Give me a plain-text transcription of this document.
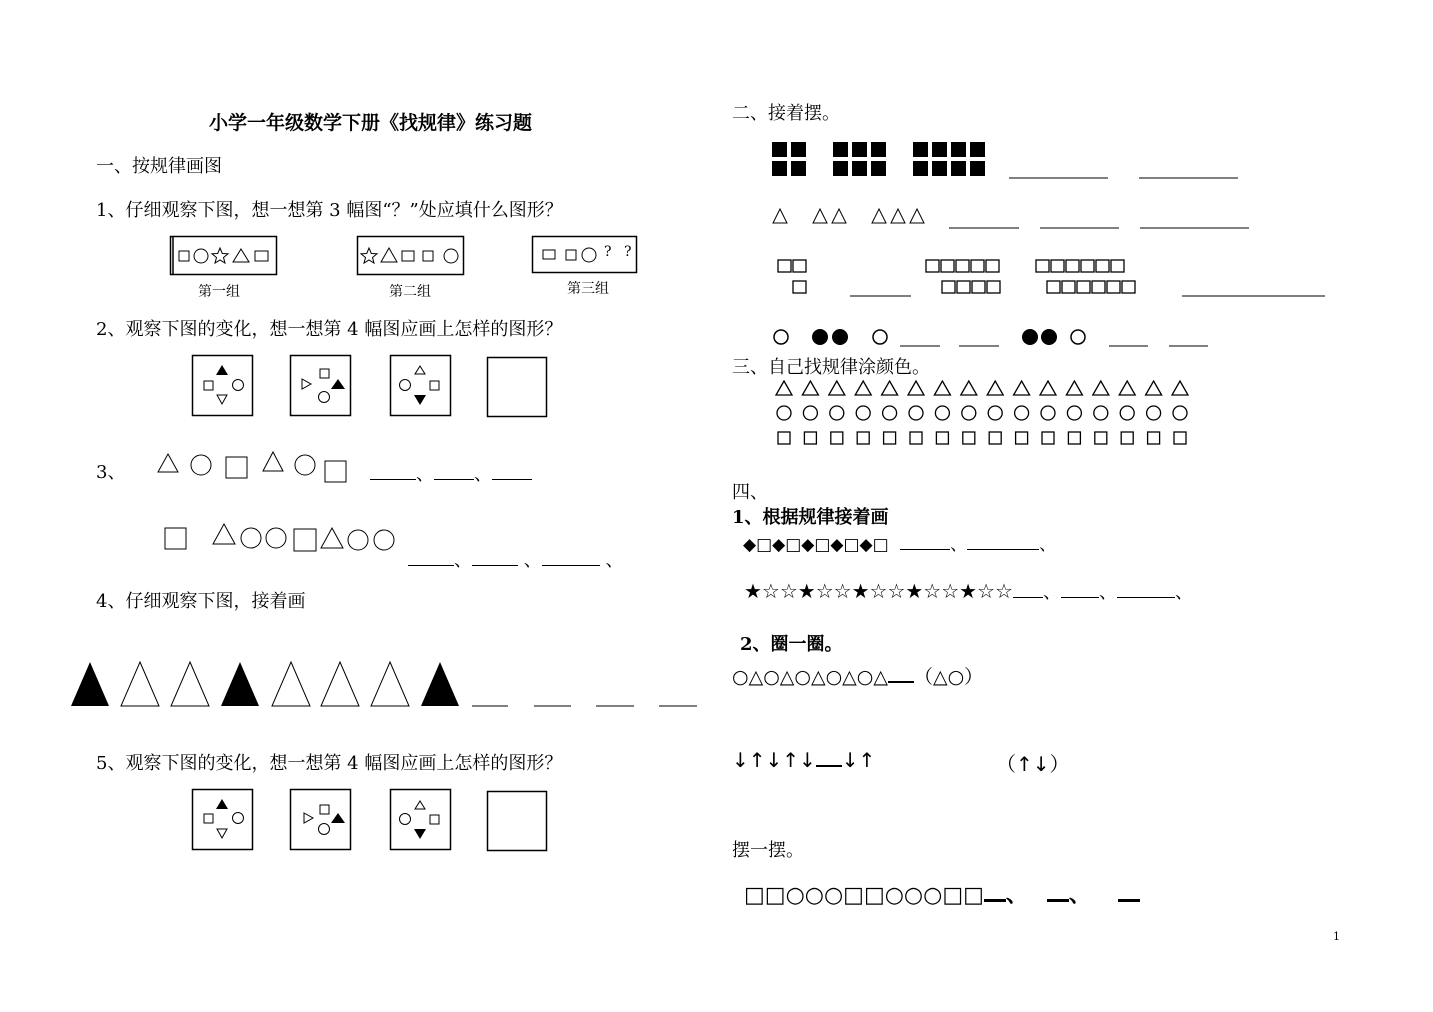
小学一年级数学下册《找规律》练习题
一、按规律画图
1、仔细观察下图，想一想第 3 幅图“？”处应填什么图形？
第一组	第二组
? ?
第三组
2、观察下图的变化，想一想第 4 幅图应画上怎样的图形？
3、	、 、
、	、	、
4、仔细观察下图，接着画
5、观察下图的变化，想一想第 4 幅图应画上怎样的图形？
二、接着摆。
三、自己找规律涂颜色。
四、
1、根据规律接着画
◆□◆□◆□◆□◆□	、	、
★☆☆★☆☆★☆☆★☆☆★☆☆ 、 、	、
2、圈一圈。
○△○△○△○△○△ （△○）
↓↑↓↑↓ ↓↑	（↑↓）
摆一摆。
□□○○○□□○○○□□ 、 、
1
